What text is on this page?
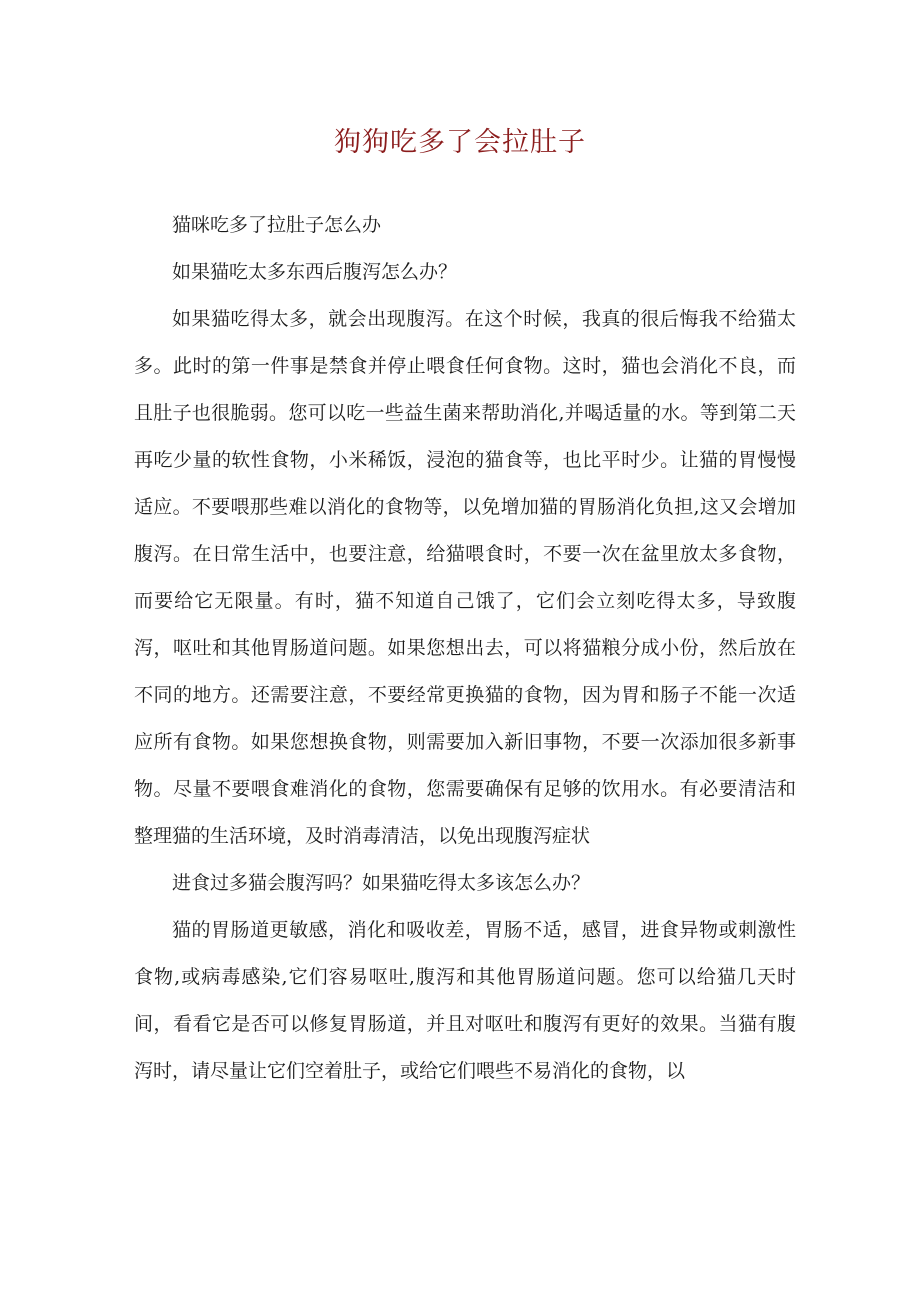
狗狗吃多了会拉肚子

猫咪吃多了拉肚子怎么办

如果猫吃太多东西后腹泻怎么办？

如果猫吃得太多，就会出现腹泻。在这个时候，我真的很后悔我不给猫太多。此时的第一件事是禁食并停止喂食任何食物。这时，猫也会消化不良，而且肚子也很脆弱。您可以吃一些益生菌来帮助消化,并喝适量的水。等到第二天再吃少量的软性食物，小米稀饭，浸泡的猫食等，也比平时少。让猫的胃慢慢适应。不要喂那些难以消化的食物等，以免增加猫的胃肠消化负担,这又会增加腹泻。在日常生活中，也要注意，给猫喂食时，不要一次在盆里放太多食物，而要给它无限量。有时，猫不知道自己饿了，它们会立刻吃得太多，导致腹泻，呕吐和其他胃肠道问题。如果您想出去，可以将猫粮分成小份，然后放在不同的地方。还需要注意，不要经常更换猫的食物，因为胃和肠子不能一次适应所有食物。如果您想换食物，则需要加入新旧事物，不要一次添加很多新事物。尽量不要喂食难消化的食物，您需要确保有足够的饮用水。有必要清洁和整理猫的生活环境，及时消毒清洁，以免出现腹泻症状

进食过多猫会腹泻吗？如果猫吃得太多该怎么办？

猫的胃肠道更敏感，消化和吸收差，胃肠不适，感冒，进食异物或刺激性食物,或病毒感染,它们容易呕吐,腹泻和其他胃肠道问题。您可以给猫几天时间，看看它是否可以修复胃肠道，并且对呕吐和腹泻有更好的效果。当猫有腹泻时，请尽量让它们空着肚子，或给它们喂些不易消化的食物，以
